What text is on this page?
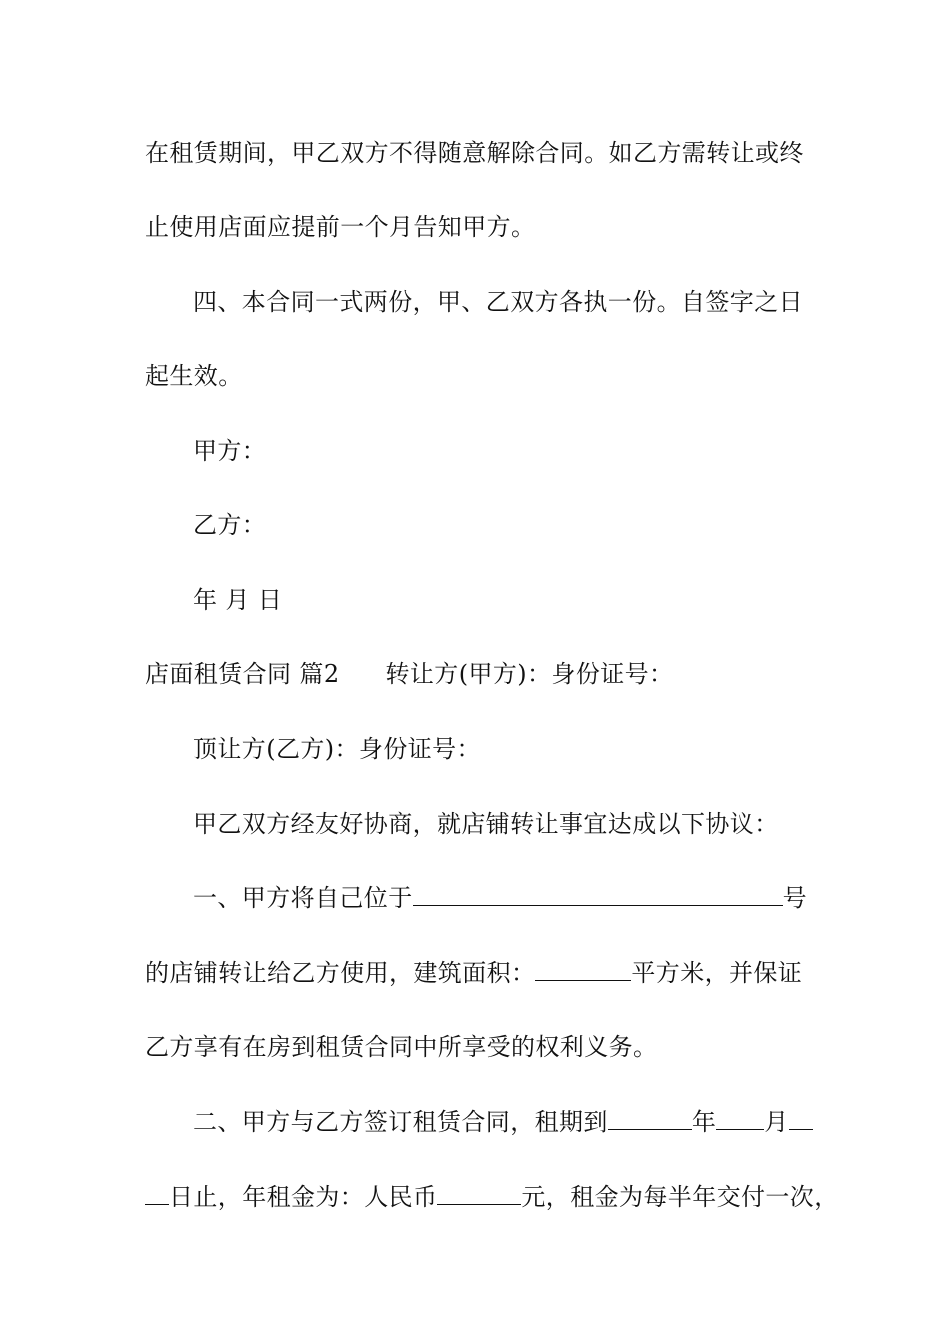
在租赁期间，甲乙双方不得随意解除合同。如乙方需转让或终
止使用店面应提前一个月告知甲方。
四、本合同一式两份，甲、乙双方各执一份。自签字之日
起生效。
甲方：
乙方：
年 月 日
店面租赁合同 篇2 转让方(甲方)：身份证号：
顶让方(乙方)：身份证号：
甲乙双方经友好协商，就店铺转让事宜达成以下协议：
一、甲方将自己位于	号
的店铺转让给乙方使用，建筑面积：	平方米，并保证
乙方享有在房到租赁合同中所享受的权利义务。
二、甲方与乙方签订租赁合同，租期到	年 月
日止，年租金为：人民币	元，租金为每半年交付一次，
